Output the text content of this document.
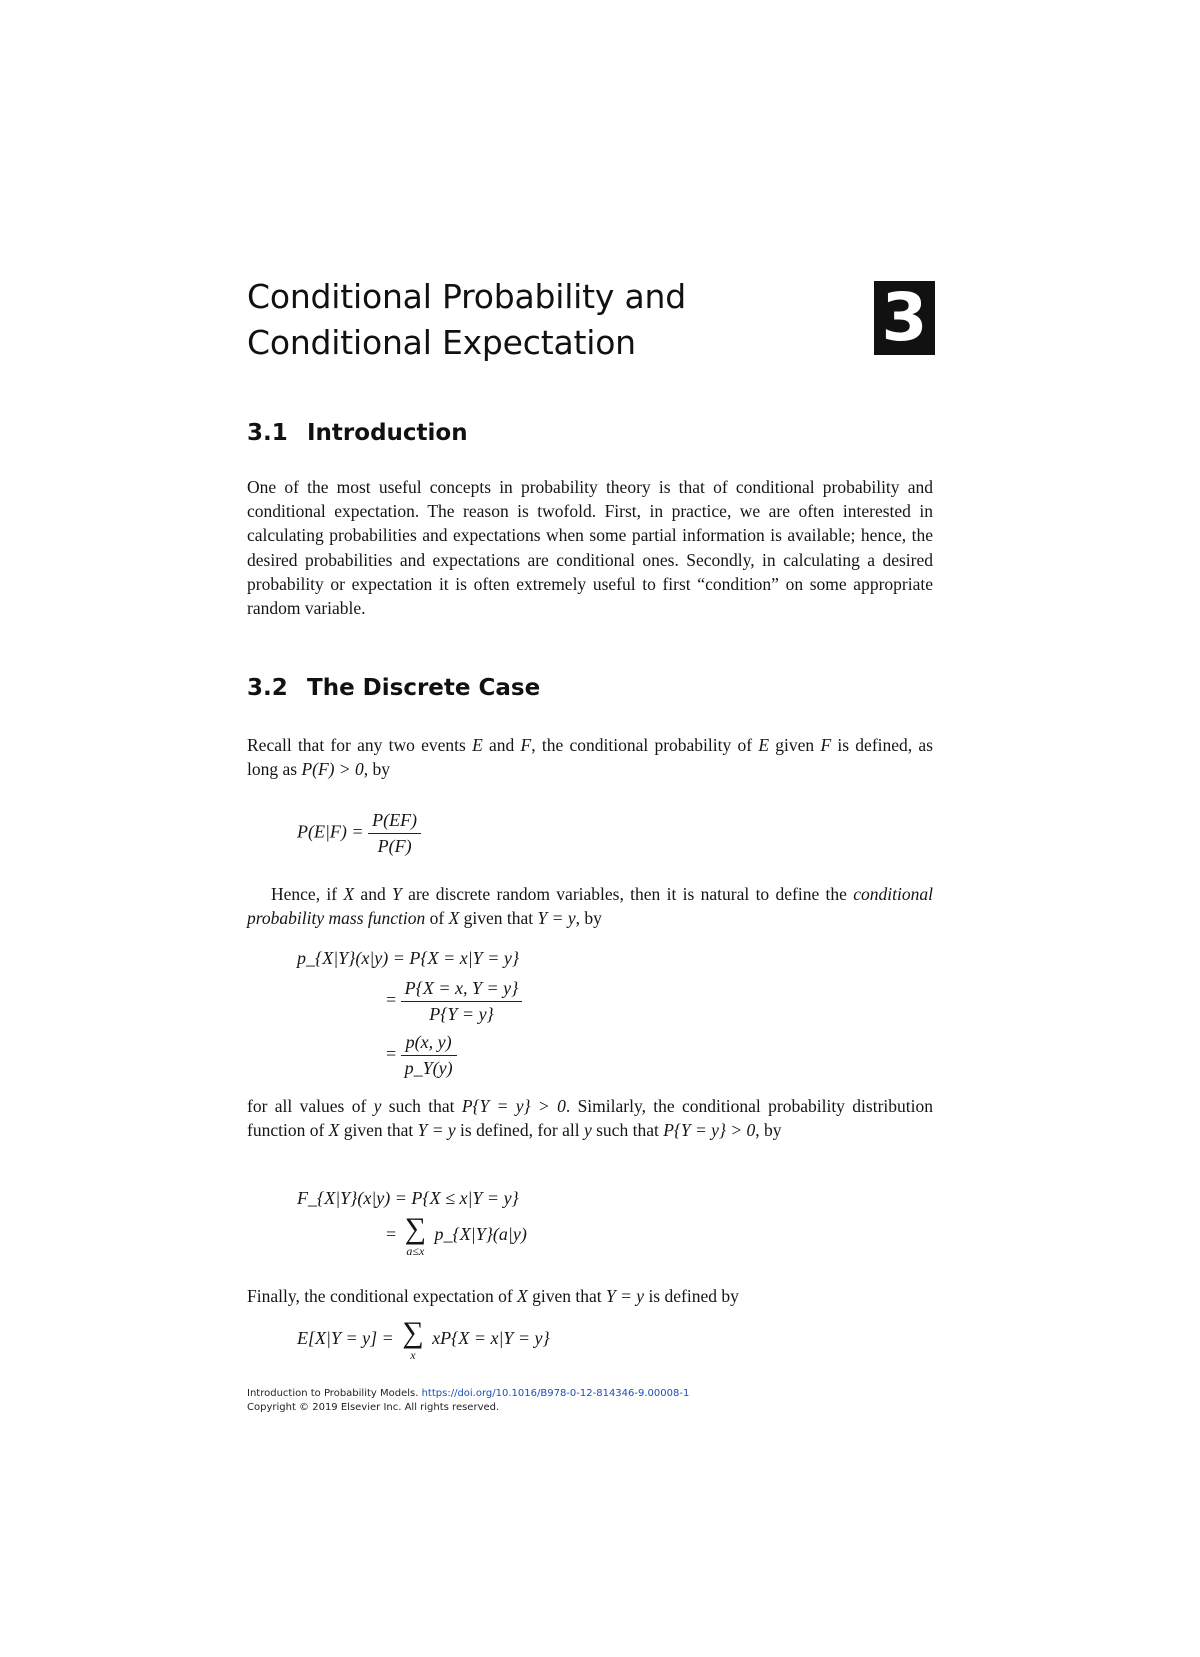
Conditional Probability and
Conditional Expectation	3
3.1 Introduction

One of the most useful concepts in probability theory is that of conditional probability and conditional expectation. The reason is twofold. First, in practice, we are often interested in calculating probabilities and expectations when some partial information is available; hence, the desired probabilities and expectations are conditional ones. Secondly, in calculating a desired probability or expectation it is often extremely useful to first “condition” on some appropriate random variable.

3.2 The Discrete Case

Recall that for any two events E and F, the conditional probability of E given F is defined, as long as P(F) > 0, by

$P(E|F) = \frac{P(EF)}{P(F)}$

Hence, if X and Y are discrete random variables, then it is natural to define the conditional probability mass function of X given that Y = y, by

p_{X|Y}(x|y) = P{X = x|Y = y}
= $\frac{P\{X = x, Y = y\}}{P\{Y = y\}}$
= $\frac{p(x, y)}{p\_Y(y)}$

for all values of y such that P{Y = y} > 0. Similarly, the conditional probability distribution function of X given that Y = y is defined, for all y such that P{Y = y} > 0, by

F_{X|Y}(x|y) = P{X ≤ x|Y = y}
= ∑
a≤x
p_{X|Y}(a|y)

Finally, the conditional expectation of X given that Y = y is defined by

E[X|Y = y] = ∑
x
xP{X = x|Y = y}
Introduction to Probability Models. https://doi.org/10.1016/B978-0-12-814346-9.00008-1
Copyright © 2019 Elsevier Inc. All rights reserved.
